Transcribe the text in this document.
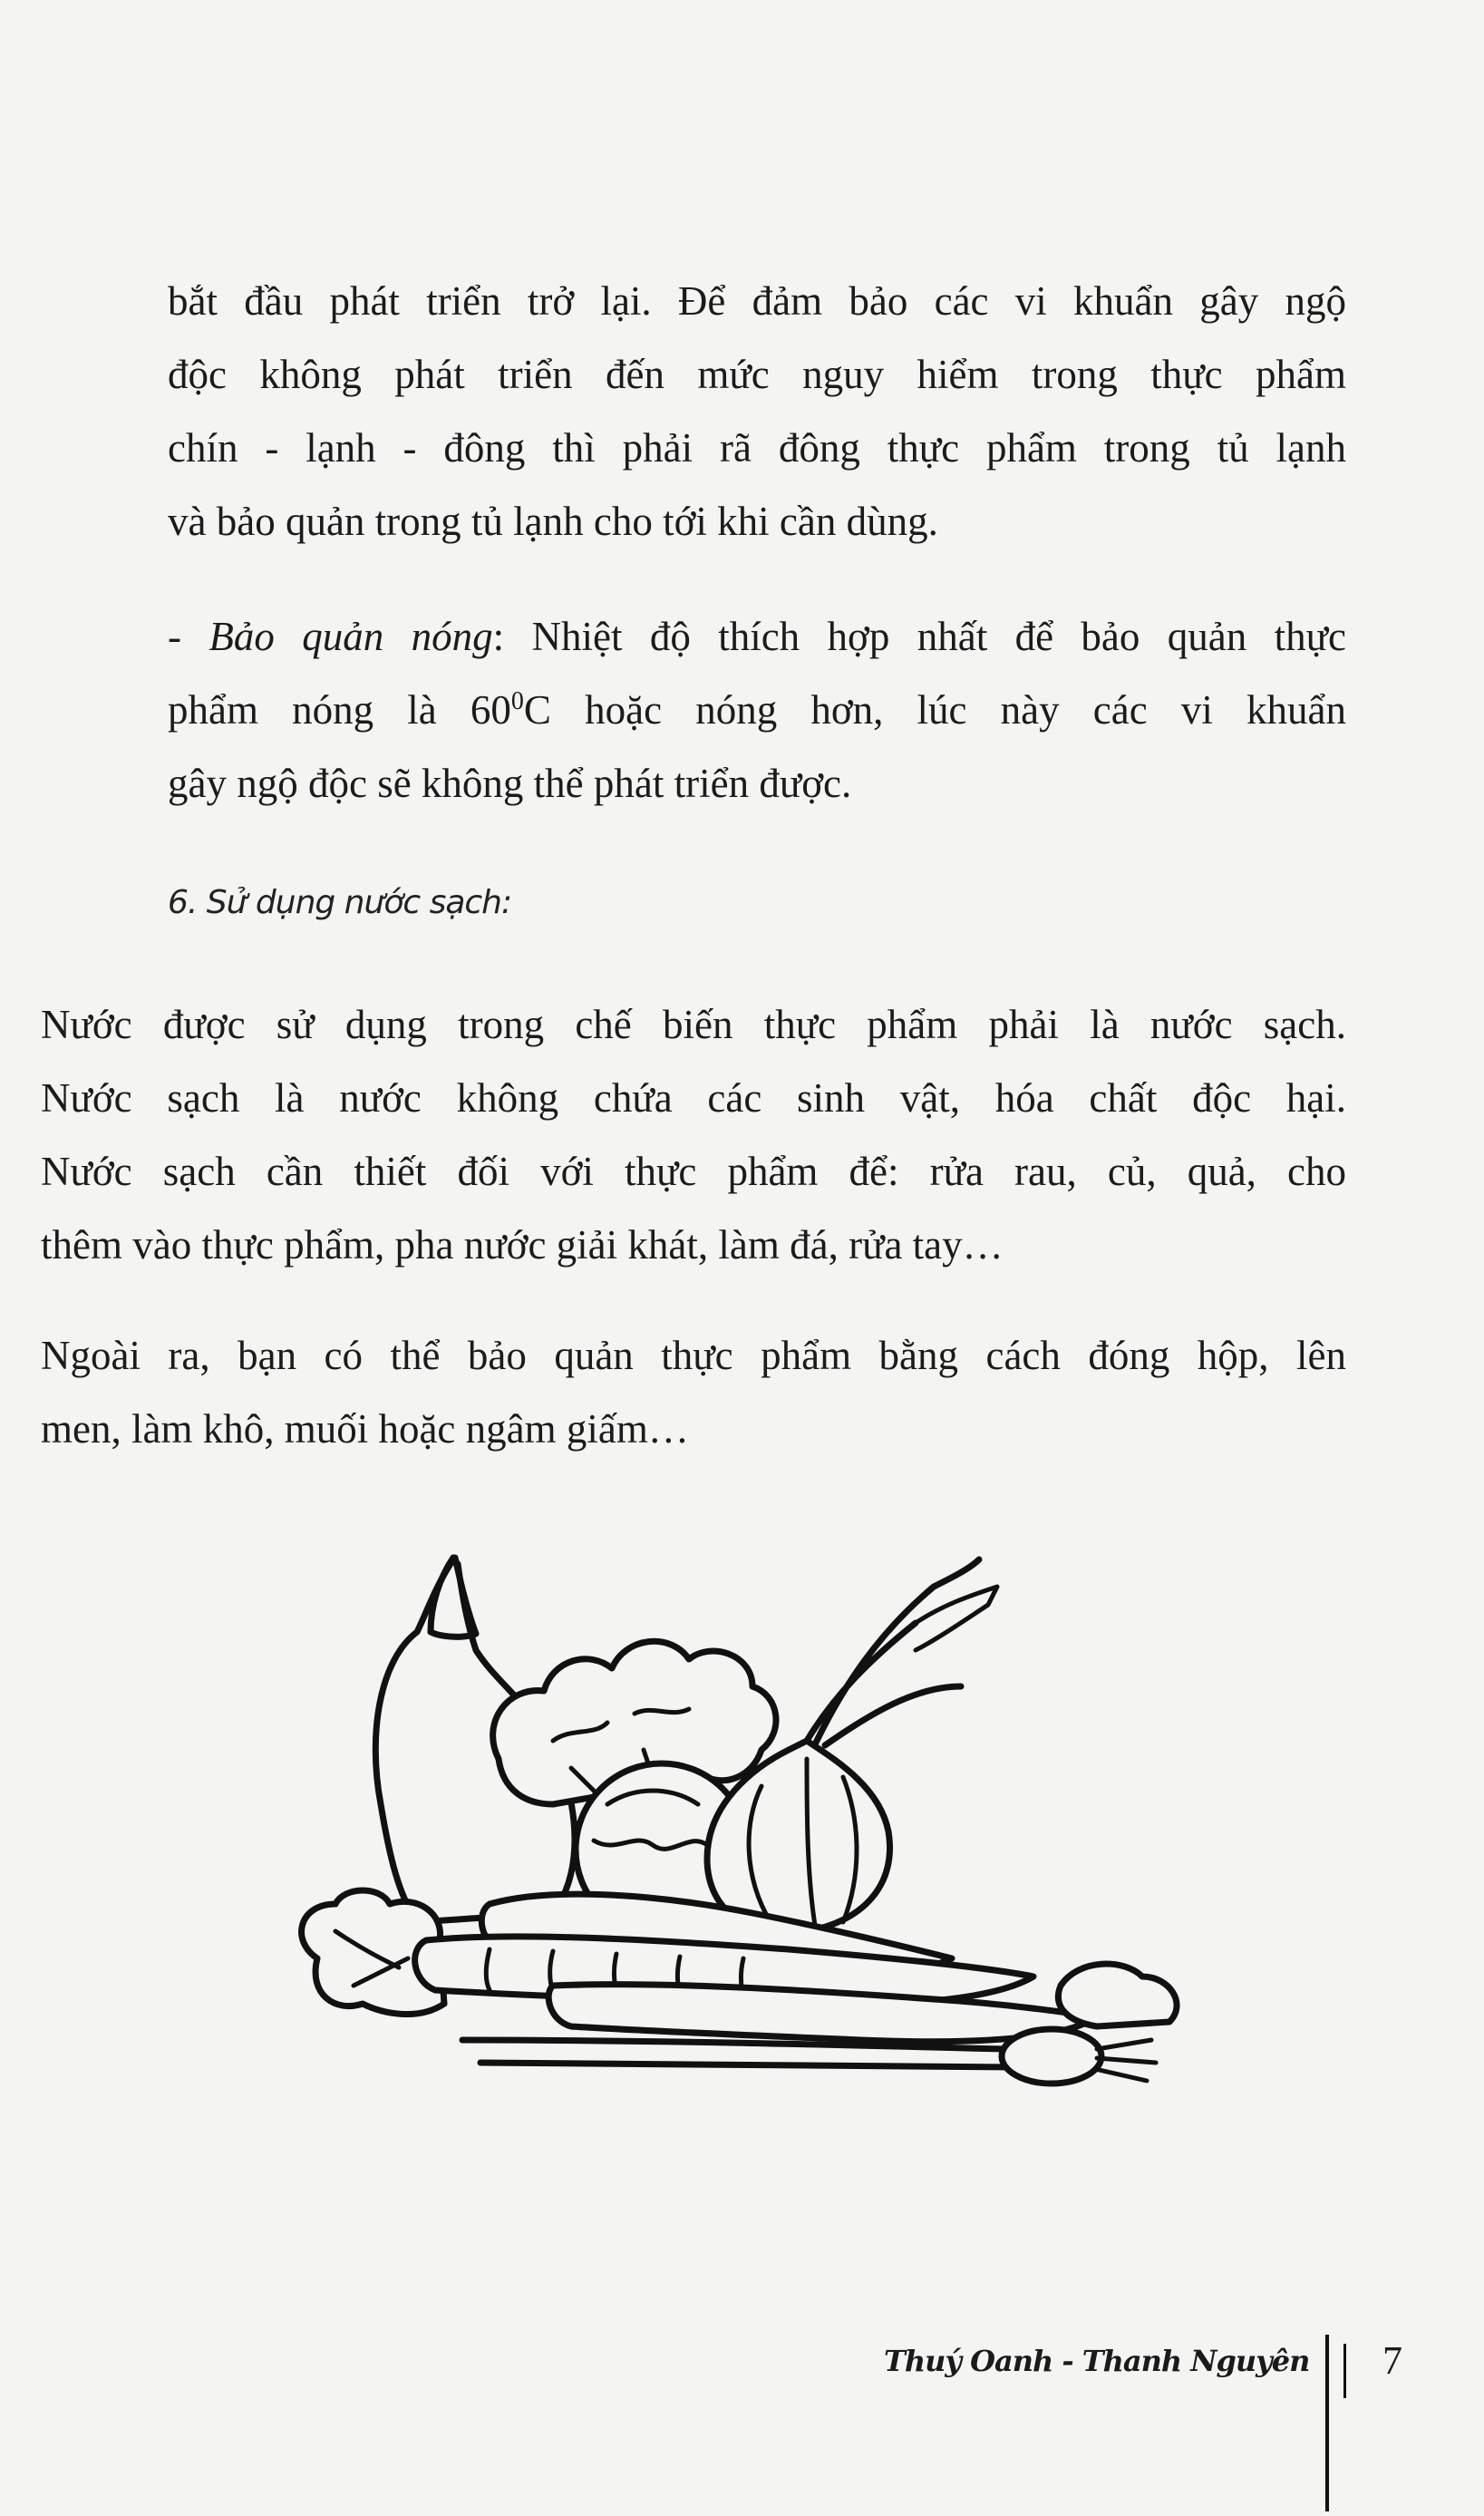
bắt đầu phát triển trở lại. Để đảm bảo các vi khuẩn gây ngộ
độc không phát triển đến mức nguy hiểm trong thực phẩm
chín - lạnh - đông thì phải rã đông thực phẩm trong tủ lạnh
và bảo quản trong tủ lạnh cho tới khi cần dùng.

- Bảo quản nóng: Nhiệt độ thích hợp nhất để bảo quản thực
phẩm nóng là $60^0C$ hoặc nóng hơn, lúc này các vi khuẩn
gây ngộ độc sẽ không thể phát triển được.

6. Sử dụng nước sạch:

Nước được sử dụng trong chế biến thực phẩm phải là nước sạch.
Nước sạch là nước không chứa các sinh vật, hóa chất độc hại.
Nước sạch cần thiết đối với thực phẩm để: rửa rau, củ, quả, cho
thêm vào thực phẩm, pha nước giải khát, làm đá, rửa tay…

Ngoài ra, bạn có thể bảo quản thực phẩm bằng cách đóng hộp, lên
men, làm khô, muối hoặc ngâm giấm…

Thuý Oanh - Thanh Nguyên 7
